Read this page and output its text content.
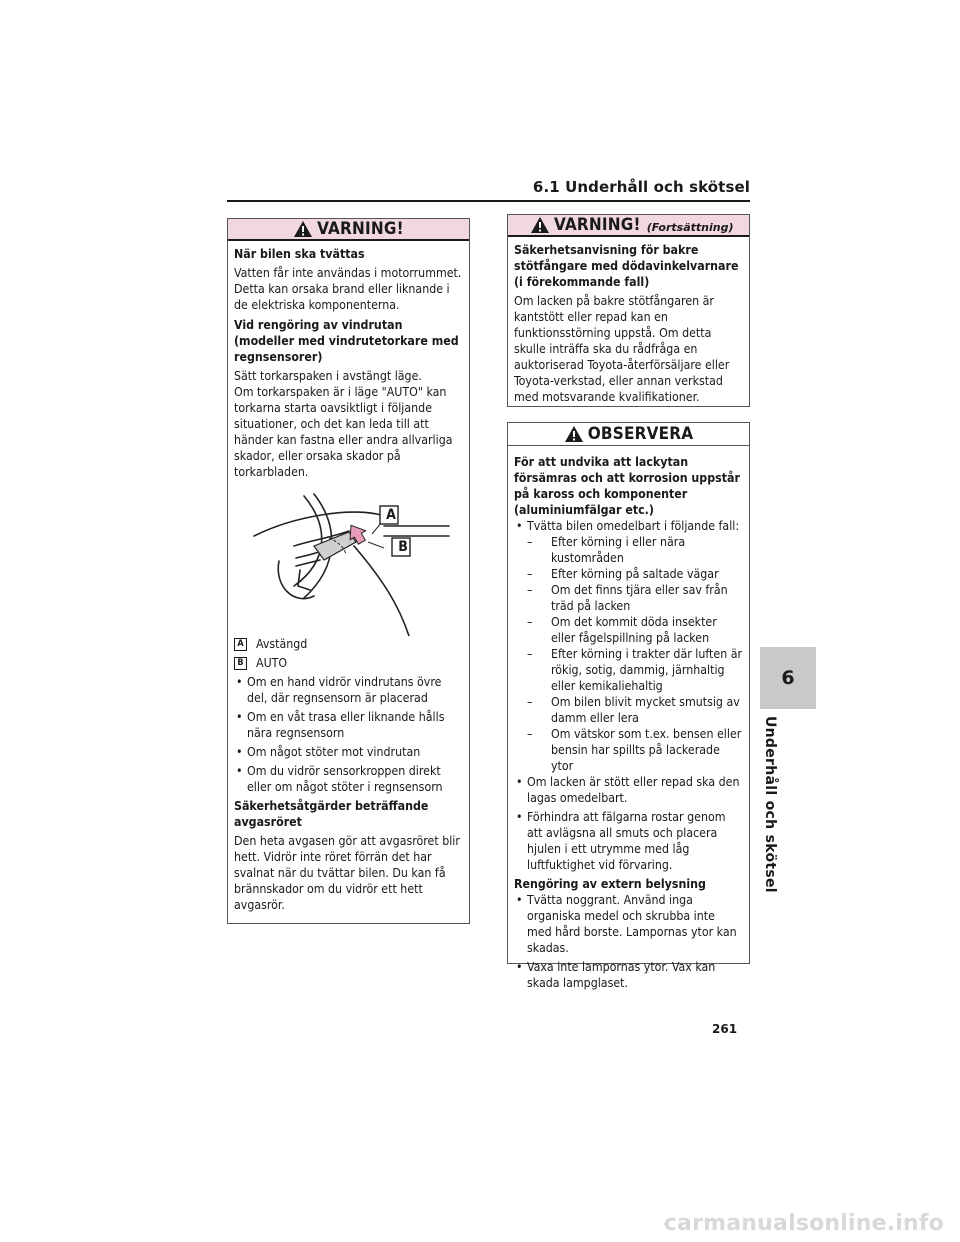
6.1 Underhåll och skötsel
VARNING!
När bilen ska tvättas
Vatten får inte användas i motorrummet. Detta kan orsaka brand eller liknande i de elektriska komponenterna.
Vid rengöring av vindrutan (modeller med vindrutetorkare med regnsensorer)
Sätt torkarspaken i avstängt läge.
Om torkarspaken är i läge "AUTO" kan torkarna starta oavsiktligt i följande situationer, och det kan leda till att händer kan fastna eller andra allvarliga skador, eller orsaka skador på torkarbladen.
A
B
A Avstängd
B AUTO
• Om en hand vidrör vindrutans övre del, där regnsensorn är placerad
• Om en våt trasa eller liknande hålls nära regnsensorn
• Om något stöter mot vindrutan
• Om du vidrör sensorkroppen direkt eller om något stöter i regnsensorn
Säkerhetsåtgärder beträffande avgasröret
Den heta avgasen gör att avgasröret blir hett. Vidrör inte röret förrän det har svalnat när du tvättar bilen. Du kan få brännskador om du vidrör ett hett avgasrör.
VARNING! (Fortsättning)
Säkerhetsanvisning för bakre stötfångare med dödavinkelvarnare (i förekommande fall)
Om lacken på bakre stötfångaren är kantstött eller repad kan en funktionsstörning uppstå. Om detta skulle inträffa ska du rådfråga en auktoriserad Toyota-återförsäljare eller Toyota-verkstad, eller annan verkstad med motsvarande kvalifikationer.
OBSERVERA
För att undvika att lackytan försämras och att korrosion uppstår på kaross och komponenter (aluminiumfälgar etc.)
• Tvätta bilen omedelbart i följande fall:
– Efter körning i eller nära kustområden
– Efter körning på saltade vägar
– Om det finns tjära eller sav från träd på lacken
– Om det kommit döda insekter eller fågelspillning på lacken
– Efter körning i trakter där luften är rökig, sotig, dammig, järnhaltig eller kemikaliehaltig
– Om bilen blivit mycket smutsig av damm eller lera
– Om vätskor som t.ex. bensen eller bensin har spillts på lackerade ytor
• Om lacken är stött eller repad ska den lagas omedelbart.
• Förhindra att fälgarna rostar genom att avlägsna all smuts och placera hjulen i ett utrymme med låg luftfuktighet vid förvaring.
Rengöring av extern belysning
• Tvätta noggrant. Använd inga organiska medel och skrubba inte med hård borste. Lampornas ytor kan skadas.
• Vaxa inte lampornas ytor. Vax kan skada lampglaset.
6
Underhåll och skötsel
261
carmanualsonline.info
